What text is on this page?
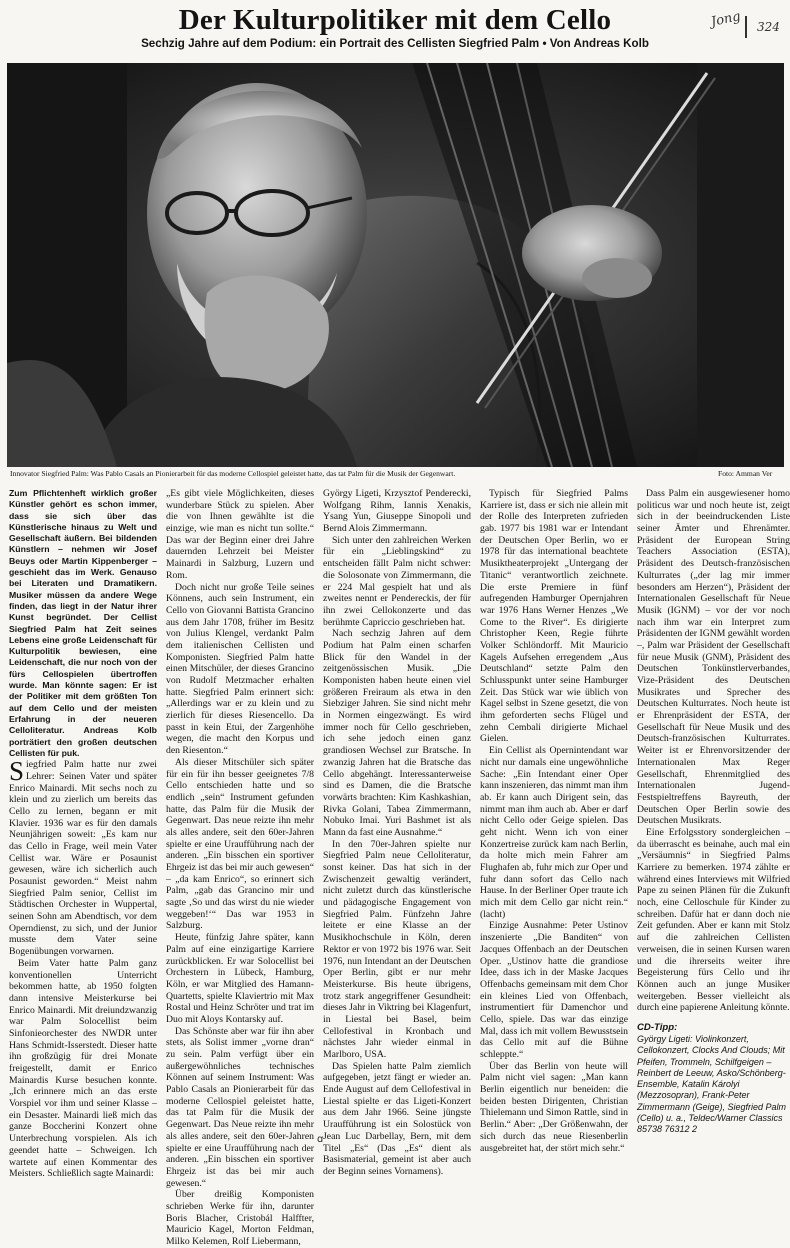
Der Kulturpolitiker mit dem Cello
Sechzig Jahre auf dem Podium: ein Portrait des Cellisten Siegfried Palm • Von Andreas Kolb
Jong 324
Innovator Siegfried Palm: Was Pablo Casals an Pionierarbeit für das moderne Cellospiel geleistet hatte, das tat Palm für die Musik der Gegenwart.	Foto: Amman Ver

Zum Pflichtenheft wirklich großer Künstler gehört es schon immer, dass sie sich über das Künstlerische hinaus zu Welt und Gesellschaft äußern. Bei bildenden Künstlern – nehmen wir Josef Beuys oder Martin Kippenberger – geschieht das im Werk. Genauso bei Literaten und Dramatikern. Musiker müssen da andere Wege finden, das liegt in der Natur ihrer Kunst begründet. Der Cellist Siegfried Palm hat Zeit seines Lebens eine große Leidenschaft für Kulturpolitik bewiesen, eine Leidenschaft, die nur noch von der fürs Cellospielen übertroffen wurde. Man könnte sagen: Er ist der Politiker mit dem größten Ton auf dem Cello und der meisten Erfahrung in der neueren Celloliteratur. Andreas Kolb porträtiert den großen deutschen Cellisten für puk.

Siegfried Palm hatte nur zwei Lehrer: Seinen Vater und später Enrico Mainardi. Mit sechs noch zu klein und zu zierlich um bereits das Cello zu lernen, begann er mit Klavier. 1936 war es für den damals Neunjährigen soweit: „Es kam nur das Cello in Frage, weil mein Vater Cellist war. Wäre er Posaunist gewesen, wäre ich sicherlich auch Posaunist geworden.“ Meist nahm Siegfried Palm senior, Cellist im Städtischen Orchester in Wuppertal, seinen Sohn am Abendtisch, vor dem Operndienst, zu sich, und der Junior musste dem Vater seine Bogenübungen vorwarnen.

Beim Vater hatte Palm ganz konventionellen Unterricht bekommen hatte, ab 1950 folgten dann intensive Meisterkurse bei Enrico Mainardi. Mit dreiundzwanzig war Palm Solocellist beim Sinfonieorchester des NWDR unter Hans Schmidt-Isserstedt. Dieser hatte ihn großzügig für drei Monate freigestellt, damit er Enrico Mainardis Kurse besuchen konnte. „Ich erinnere mich an das erste Vorspiel vor ihm und seiner Klasse – ein Desaster. Mainardi ließ mich das ganze Boccherini Konzert ohne Unterbrechung vorspielen. Als ich geendet hatte – Schweigen. Ich wartete auf einen Kommentar des Meisters. Schließlich sagte Mainardi:

„Es gibt viele Möglichkeiten, dieses wunderbare Stück zu spielen. Aber die von Ihnen gewählte ist die einzige, wie man es nicht tun sollte.“ Das war der Beginn einer drei Jahre dauernden Lehrzeit bei Meister Mainardi in Salzburg, Luzern und Rom.

Doch nicht nur große Teile seines Könnens, auch sein Instrument, ein Cello von Giovanni Battista Grancino aus dem Jahr 1708, früher im Besitz von Julius Klengel, verdankt Palm dem italienischen Cellisten und Komponisten. Siegfried Palm hatte einen Mitschüler, der dieses Grancino von Rudolf Metzmacher erhalten hatte. Siegfried Palm erinnert sich: „Allerdings war er zu klein und zu zierlich für dieses Riesencello. Da passt in kein Etui, der Zargenhöhe wegen, die macht den Korpus und den Riesenton.“

Als dieser Mitschüler sich später für ein für ihn besser geeignetes 7/8 Cello entschieden hatte und so endlich „sein“ Instrument gefunden hatte, das Palm für die Musik der Gegenwart. Das neue reizte ihn mehr als alles andere, seit den 60er-Jahren spielte er eine Uraufführung nach der anderen. „Ein bisschen ein sportiver Ehrgeiz ist das bei mir auch gewesen“ – „da kam Enrico“, so erinnert sich Palm, „gab das Grancino mir und sagte ‚So und das wirst du nie wieder weggeben!‘“ Das war 1953 in Salzburg.

Heute, fünfzig Jahre später, kann Palm auf eine einzigartige Karriere zurückblicken. Er war Solocellist bei Orchestern in Lübeck, Hamburg, Köln, er war Mitglied des Hamann-Quartetts, spielte Klaviertrio mit Max Rostal und Heinz Schröter und trat im Duo mit Aloys Kontarsky auf.

Das Schönste aber war für ihn aber stets, als Solist immer „vorne dran“ zu sein. Palm verfügt über ein außergewöhnliches technisches Können auf seinem Instrument: Was Pablo Casals an Pionierarbeit für das moderne Cellospiel geleistet hatte, das tat Palm für die Musik der Gegenwart. Das Neue reizte ihn mehr als alles andere, seit den 60er-Jahren spielte er eine Uraufführung nach der anderen. „Ein bisschen ein sportiver Ehrgeiz ist das bei mir auch gewesen.“

Über dreißig Komponisten schrieben Werke für ihn, darunter Boris Blacher, Cristobál Halffter, Mauricio Kagel, Morton Feldman, Milko Kelemen, Rolf Liebermann,

György Ligeti, Krzysztof Penderecki, Wolfgang Rihm, Iannis Xenakis, Ysang Yun, Giuseppe Sinopoli und Bernd Alois Zimmermann.

Sich unter den zahlreichen Werken für ein „Lieblingskind“ zu entscheiden fällt Palm nicht schwer: die Solosonate von Zimmermann, die er 224 Mal gespielt hat und als zweites nennt er Pendereckis, der für ihn zwei Cellokonzerte und das berühmte Capriccio geschrieben hat.

Nach sechzig Jahren auf dem Podium hat Palm einen scharfen Blick für den Wandel in der zeitgenössischen Musik. „Die Komponisten haben heute einen viel größeren Freiraum als etwa in den Siebziger Jahren. Sie sind nicht mehr in Normen eingezwängt. Es wird immer noch für Cello geschrieben, ich sehe jedoch einen ganz grandiosen Wechsel zur Bratsche. In zwanzig Jahren hat die Bratsche das Cello abgehängt. Interessanterweise sind es Damen, die die Bratsche vorwärts brachten: Kim Kashkashian, Rivka Golani, Tabea Zimmermann, Nobuko Imai. Yuri Bashmet ist als Mann da fast eine Ausnahme.“

In den 70er-Jahren spielte nur Siegfried Palm neue Celloliteratur, sonst keiner. Das hat sich in der Zwischenzeit gewaltig verändert, nicht zuletzt durch das künstlerische und pädagogische Engagement von Siegfried Palm. Fünfzehn Jahre leitete er eine Klasse an der Musikhochschule in Köln, deren Rektor er von 1972 bis 1976 war. Seit 1976, nun Intendant an der Deutschen Oper Berlin, gibt er nur mehr Meisterkurse. Bis heute übrigens, trotz stark angegriffener Gesundheit: dieses Jahr in Viktring bei Klagenfurt, in Liestal bei Basel, beim Cellofestival in Kronbach und nächstes Jahr wieder einmal in Marlboro, USA.

Das Spielen hatte Palm ziemlich aufgegeben, jetzt fängt er wieder an. Ende August auf dem Cellofestival in Liestal spielte er das Ligeti-Konzert aus dem Jahr 1966. Seine jüngste Uraufführung ist ein Solostück von Jean Luc Darbellay, Bern, mit dem Titel „Es“ (Das „Es“ dient als Basismaterial, gemeint ist aber auch der Beginn seines Vornamens).

Typisch für Siegfried Palms Karriere ist, dass er sich nie allein mit der Rolle des Interpreten zufrieden gab. 1977 bis 1981 war er Intendant der Deutschen Oper Berlin, wo er 1978 für das international beachtete Musiktheaterprojekt „Untergang der Titanic“ verantwortlich zeichnete. Die erste Premiere in fünf aufregenden Hamburger Opernjahren war 1976 Hans Werner Henzes „We Come to the River“. Es dirigierte Christopher Keen, Regie führte Volker Schlöndorff. Mit Mauricio Kagels Aufsehen erregendem „Aus Deutschland“ setzte Palm den Schlusspunkt unter seine Hamburger Zeit. Das Stück war wie üblich von Kagel selbst in Szene gesetzt, die von ihm geforderten sechs Flügel und zehn Cembali dirigierte Michael Gielen.

Ein Cellist als Opernintendant war nicht nur damals eine ungewöhnliche Sache: „Ein Intendant einer Oper kann inszenieren, das nimmt man ihm ab. Er kann auch Dirigent sein, das nimmt man ihm auch ab. Aber er darf nicht Cello oder Geige spielen. Das geht nicht. Wenn ich von einer Konzertreise zurück kam nach Berlin, da holte mich mein Fahrer am Flughafen ab, fuhr mich zur Oper und fuhr dann sofort das Cello nach Hause. In der Berliner Oper traute ich mich mit dem Cello gar nicht rein.“ (lacht)

Einzige Ausnahme: Peter Ustinov inszenierte „Die Banditen“ von Jacques Offenbach an der Deutschen Oper. „Ustinov hatte die grandiose Idee, dass ich in der Maske Jacques Offenbachs gemeinsam mit dem Chor ein kleines Lied von Offenbach, instrumentiert für Damenchor und Cello, spiele. Das war das einzige Mal, dass ich mit vollem Bewusstsein das Cello mit auf die Bühne schleppte.“

Über das Berlin von heute will Palm nicht viel sagen: „Man kann Berlin eigentlich nur beneiden: die beiden besten Dirigenten, Christian Thielemann und Simon Rattle, sind in Berlin.“ Aber: „Der Größenwahn, der sich durch das neue Riesenberlin ausgebreitet hat, der stört mich sehr.“

Dass Palm ein ausgewiesener homo politicus war und noch heute ist, zeigt sich in der beeindruckenden Liste seiner Ämter und Ehrenämter. Präsident der European String Teachers Association (ESTA), Präsident des Deutsch-französischen Kulturrates („der lag mir immer besonders am Herzen“), Präsident der Internationalen Gesellschaft für Neue Musik (IGNM) – vor der vor noch nach ihm war ein Interpret zum Präsidenten der IGNM gewählt worden –, Palm war Präsident der Gesellschaft für neue Musik (GNM), Präsident des Deutschen Tonkünstlerverbandes, Vize-Präsident des Deutschen Musikrates und Sprecher des Deutschen Kulturrates. Noch heute ist er Ehrenpräsident der ESTA, der Gesellschaft für Neue Musik und des Deutsch-französischen Kulturrates. Weiter ist er Ehrenvorsitzender der Internationalen Max Reger Gesellschaft, Ehrenmitglied des Internationalen Jugend-Festspieltreffens Bayreuth, der Deutschen Oper Berlin sowie des Deutschen Musikrats.

Eine Erfolgsstory sondergleichen – da überrascht es beinahe, auch mal ein „Versäumnis“ in Siegfried Palms Karriere zu bemerken. 1974 zählte er während eines Interviews mit Wilfried Pape zu seinen Plänen für die Zukunft noch, eine Celloschule für Kinder zu schreiben. Dafür hat er dann doch nie Zeit gefunden. Aber er kann mit Stolz auf die zahlreichen Cellisten verweisen, die in seinen Kursen waren und die ihrerseits weiter ihre Begeisterung fürs Cello und ihr Können auch an junge Musiker weitergeben. Besser vielleicht als durch eine papierene Anleitung könnte.

CD-Tipp:
György Ligeti: Violinkonzert, Cellokonzert, Clocks And Clouds; Mit Pfeifen, Trommeln, Schilfgeigen – Reinbert de Leeuw, Asko/Schönberg-Ensemble, Katalin Károlyi (Mezzosopran), Frank-Peter Zimmermann (Geige), Siegfried Palm (Cello) u. a., Teldec/Warner Classics 85738 76312 2
ꭤ
